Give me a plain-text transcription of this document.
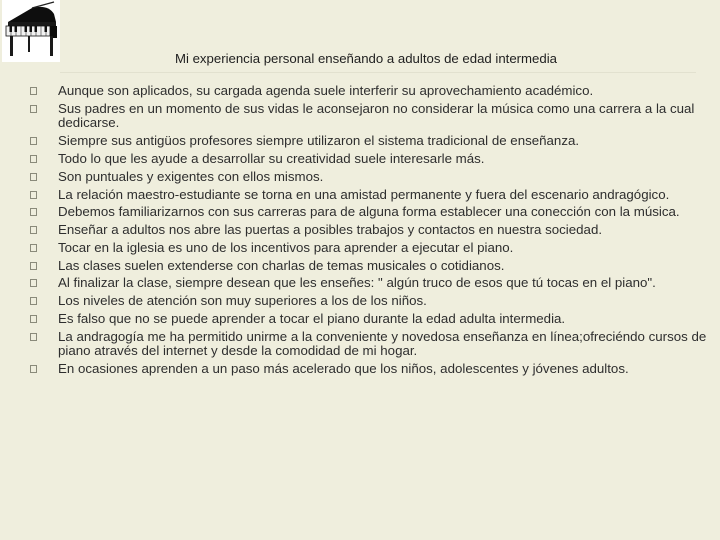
Mi experiencia personal enseñando a adultos de edad intermedia
Aunque son aplicados, su cargada agenda suele interferir su aprovechamiento académico.
Sus padres en un momento de sus vidas le aconsejaron no considerar la música como una carrera a la cual dedicarse.
Siempre sus antigüos profesores siempre utilizaron el sistema tradicional de enseñanza.
Todo lo que les ayude a desarrollar su creatividad suele interesarle más.
Son puntuales y exigentes con ellos mismos.
La relación maestro-estudiante se torna en una amistad permanente y fuera del escenario andragógico.
Debemos familiarizarnos con sus carreras para de alguna forma establecer una conección con la música.
Enseñar a adultos nos abre las puertas a posibles trabajos y contactos en nuestra sociedad.
Tocar en la iglesia es uno de los incentivos para aprender a ejecutar el piano.
Las clases suelen extenderse con charlas de temas musicales o cotidianos.
Al finalizar la clase, siempre desean que les enseñes: " algún truco de esos que tú tocas en el piano".
Los niveles de atención son muy superiores a los de los niños.
Es falso que no se puede aprender a tocar el piano durante la edad adulta intermedia.
La andragogía me ha permitido unirme a la conveniente y novedosa enseñanza en línea;ofreciéndo cursos de piano através del internet y desde la comodidad de mi hogar.
En ocasiones aprenden a un paso más acelerado que los niños, adolescentes y jóvenes adultos.
